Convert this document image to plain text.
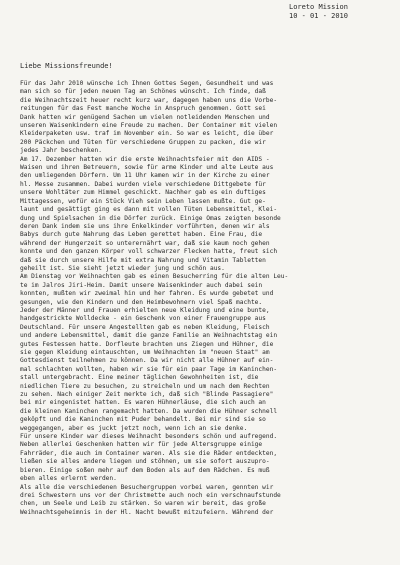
Loreto Mission
10 - 01 - 2010
Liebe Missionsfreunde!

Für das Jahr 2010 wünsche ich Ihnen Gottes Segen, Gesundheit und was

man sich so für jeden neuen Tag an Schönes wünscht. Ich finde, daß

die Weihnachtszeit heuer recht kurz war, dagegen haben uns die Vorbe-

reitungen für das Fest manche Woche in Anspruch genommen. Gott sei

Dank hatten wir genügend Sachen um vielen notleidenden Menschen und

unseren Waisenkindern eine Freude zu machen. Der Container mit vielen

Kleiderpaketen usw. traf im November ein. So war es leicht, die über

200 Päckchen und Tüten für verschiedene Gruppen zu packen, die wir

jedes Jahr beschenken.

Am 17. Dezember hatten wir die erste Weihnachtsfeier mit den AIDS -

Waisen und ihren Betreuern, sowie für arme Kinder und alte Leute aus

den umliegenden Dörfern. Um 11 Uhr kamen wir in der Kirche zu einer

hl. Messe zusammen. Dabei wurden viele verschiedene Dittgebete für

unsere Wohltäter zum Himmel geschickt. Nachher gab es ein duftiges

Mittagessen, wofür ein Stück Vieh sein Leben lassen mußte. Gut ge-

launt und gesättigt ging es dann mit vollen Tüten Lebensmittel, Klei-

dung und Spielsachen in die Dörfer zurück. Einige Omas zeigten besonde

deren Dank indem sie uns ihre Enkelkinder vorführten, denen wir als

Babys durch gute Nahrung das Leben gerettet haben. Eine Frau, die

während der Hungerzeit so unterernährt war, daß sie kaum noch gehen

konnte und den ganzen Körper voll schwarzer Flecken hatte, freut sich

daß sie durch unsere Hilfe mit extra Nahrung und Vitamin Tabletten

geheilt ist. Sie sieht jetzt wieder jung und schön aus.

Am Dienstag vor Weihnachten gab es einen Besucherring für die alten Leu-

te im Jalros Jiri-Heim. Damit unsere Waisenkinder auch dabei sein

konnten, mußten wir zweimal hin und her fahren. Es wurde gebetet und

gesungen, wie den Kindern und den Heimbewohnern viel Spaß machte.

Jeder der Männer und Frauen erhielten neue Kleidung und eine bunte,

handgestrickte Wolldecke - ein Geschenk von einer Frauengruppe aus

Deutschland. Für unsere Angestellten gab es neben Kleidung, Fleisch

und andere Lebensmittel, damit die ganze Familie an Weihnachtstag ein

gutes Festessen hatte. Dorfleute brachten uns Ziegen und Hühner, die

sie gegen Kleidung eintauschten, um Weihnachten im "neuen Staat" am

Gottesdienst teilnehmen zu können. Da wir nicht alle Hühner auf ein-

mal schlachten wollten, haben wir sie für ein paar Tage im Kaninchen-

stall untergebracht. Eine meiner täglichen Gewohnheiten ist, die

niedlichen Tiere zu besuchen, zu streicheln und um nach dem Rechten

zu sehen. Nach einiger Zeit merkte ich, daß sich "Blinde Passagiere"

bei mir eingenistet hatten. Es waren Hühnerläuse, die sich auch an

die kleinen Kaninchen rangemacht hatten. Da wurden die Hühner schnell

geköpft und die Kaninchen mit Puder behandelt. Bei mir sind sie so

weggegangen, aber es juckt jetzt noch, wenn ich an sie denke.

Für unsere Kinder war dieses Weihnacht besonders schön und aufregend.

Neben allerlei Geschenken hatten wir für jede Altersgruppe einige

Fahrräder, die auch im Container waren. Als sie die Räder entdeckten,

ließen sie alles andere liegen und stöhnen, um sie sofort auszupro-

bieren. Einige soßen mehr auf dem Boden als auf dem Rädchen. Es muß

eben alles erlernt werden.

Als alle die verschiedenen Besuchergruppen vorbei waren, gennten wir

drei Schwestern uns vor der Christmette auch noch ein verschnaufstunde

chen, um Seele und Leib zu stärken. So waren wir bereit, das große

Weihnachtsgeheimnis in der Hl. Nacht bewußt mitzufeiern. Während der
